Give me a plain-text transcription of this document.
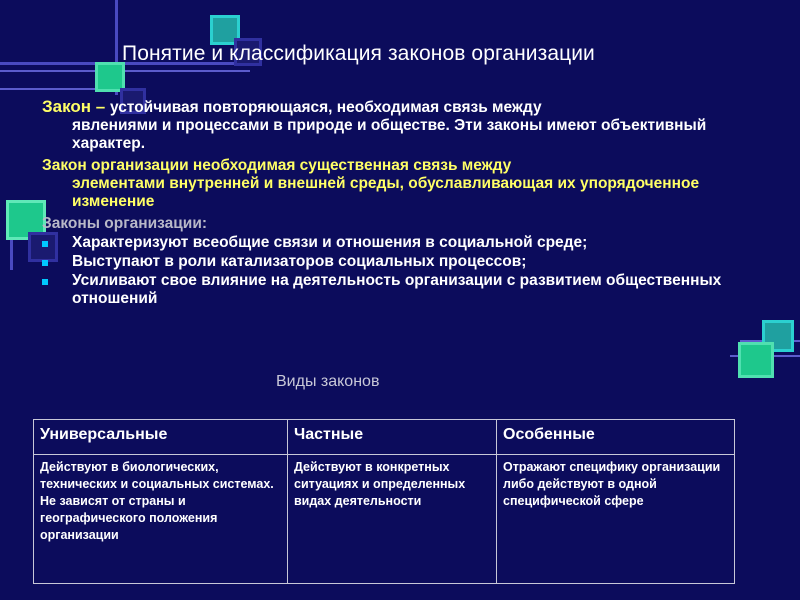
Понятие и классификация законов организации
Закон – устойчивая повторяющаяся, необходимая связь между
явлениями и процессами в природе и обществе. Эти законы имеют объективный характер.
Закон организации необходимая существенная связь между
элементами внутренней и внешней среды, обуславливающая их упорядоченное изменение
Законы организации:
Характеризуют всеобщие связи и отношения в социальной среде;
Выступают в роли катализаторов социальных процессов;
Усиливают свое влияние на деятельность организации с развитием общественных отношений
Виды законов
Универсальные	Частные	Особенные
Действуют в биологических, технических и социальных системах. Не зависят от страны и географического положения организации	Действуют в конкретных ситуациях и определенных видах деятельности	Отражают специфику организации либо действуют в одной специфической сфере
